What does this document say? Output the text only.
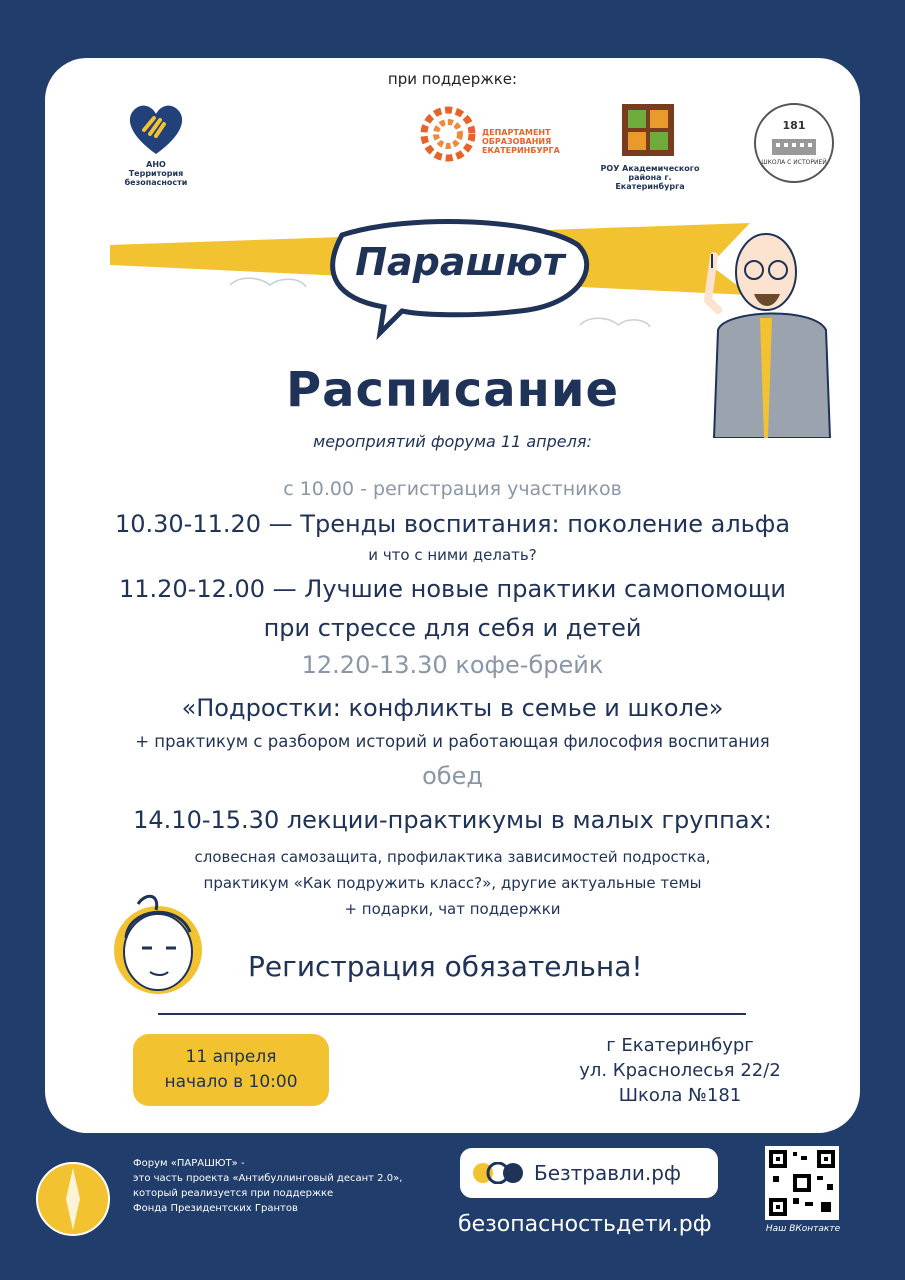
при поддержке:
АНО Территория безопасности
ДЕПАРТАМЕНТ ОБРАЗОВАНИЯ ЕКАТЕРИНБУРГА
РОУ Академического района г. Екатеринбурга
181
ШКОЛА С ИСТОРИЕЙ
Парашют
Расписание
мероприятий форума 11 апреля:
с 10.00 - регистрация участников
10.30-11.20 — Тренды воспитания: поколение альфа
и что с ними делать?
11.20-12.00 — Лучшие новые практики самопомощи
при стрессе для себя и детей
12.20-13.30 кофе-брейк
«Подростки: конфликты в семье и школе»
+ практикум с разбором историй и работающая философия воспитания
обед
14.10-15.30 лекции-практикумы в малых группах:
словесная самозащита, профилактика зависимостей подростка,
практикум «Как подружить класс?», другие актуальные темы
+ подарки, чат поддержки
Регистрация обязательна!
11 апреля
начало в 10:00
г Екатеринбург
ул. Краснолесья 22/2
Школа №181
Форум «ПАРАШЮТ» -
это часть проекта «Антибуллинговый десант 2.0»,
который реализуется при поддержке
Фонда Президентских Грантов
Безтравли.рф
безопасностьдети.рф	Наш ВКонтакте
